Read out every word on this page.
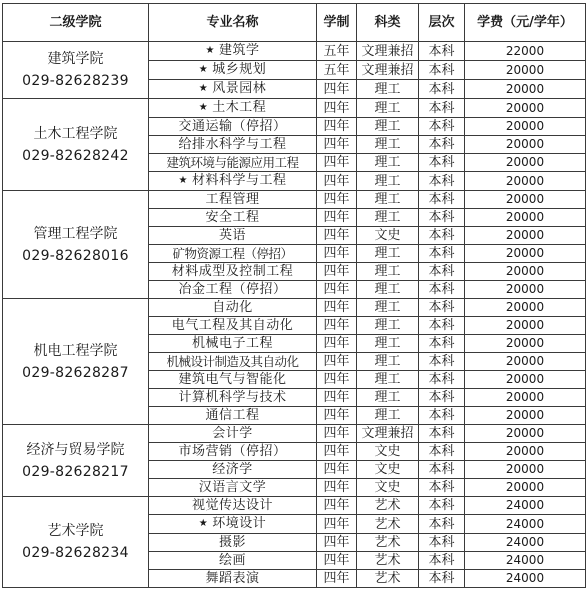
二级学院	专业名称	学制	科类	层次	学费（元/学年）

建筑学院
029-82628239	★ 建筑学	五年	文理兼招	本科	22000
	★ 城乡规划	五年	文理兼招	本科	20000
	★ 风景园林	四年	理工	本科	20000

土木工程学院
029-82628242	★ 土木工程	四年	理工	本科	20000
	交通运输（停招）	四年	理工	本科	20000
	给排水科学与工程	四年	理工	本科	20000
	建筑环境与能源应用工程	四年	理工	本科	20000
	★ 材料科学与工程	四年	理工	本科	20000

管理工程学院
029-82628016	工程管理	四年	理工	本科	20000
	安全工程	四年	理工	本科	20000
	英语	四年	文史	本科	20000
	矿物资源工程（停招）	四年	理工	本科	20000
	材料成型及控制工程	四年	理工	本科	20000
	冶金工程（停招）	四年	理工	本科	20000

机电工程学院
029-82628287	自动化	四年	理工	本科	20000
	电气工程及其自动化	四年	理工	本科	20000
	机械电子工程	四年	理工	本科	20000
	机械设计制造及其自动化	四年	理工	本科	20000
	建筑电气与智能化	四年	理工	本科	20000
	计算机科学与技术	四年	理工	本科	20000
	通信工程	四年	理工	本科	20000

经济与贸易学院
029-82628217	会计学	四年	文理兼招	本科	20000
	市场营销（停招）	四年	文史	本科	20000
	经济学	四年	文史	本科	20000
	汉语言文学	四年	文史	本科	20000

艺术学院
029-82628234	视觉传达设计	四年	艺术	本科	24000
	★ 环境设计	四年	艺术	本科	24000
	摄影	四年	艺术	本科	24000
	绘画	四年	艺术	本科	24000
	舞蹈表演	四年	艺术	本科	24000
